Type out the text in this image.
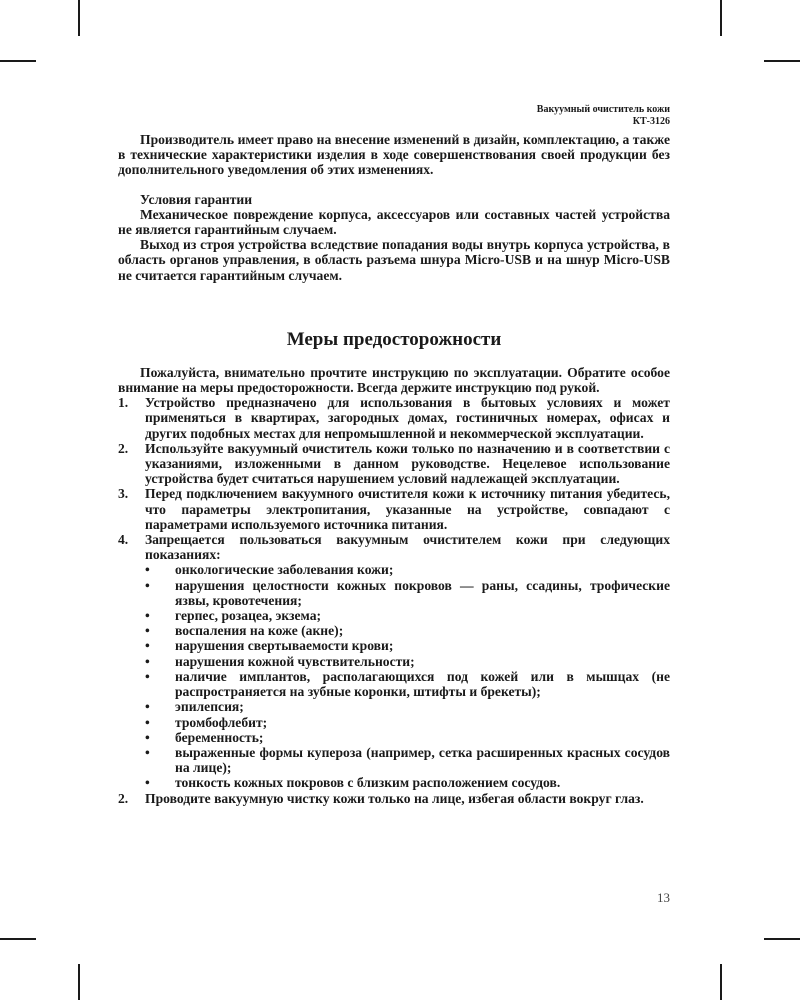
Вакуумный очиститель кожи
КТ-3126

Производитель имеет право на внесение изменений в дизайн, комплектацию, а также в технические характеристики изделия в ходе совершенствования своей продукции без дополнительного уведомления об этих изменениях.

Условия гарантии

Механическое повреждение корпуса, аксессуаров или составных частей устройства не является гарантийным случаем.

Выход из строя устройства вследствие попадания воды внутрь корпуса устройства, в область органов управления, в область разъема шнура Micro-USB и на шнур Micro-USB не считается гарантийным случаем.

Меры предосторожности

Пожалуйста, внимательно прочтите инструкцию по эксплуатации. Обратите особое внимание на меры предосторожности. Всегда держите инструкцию под рукой.

1. Устройство предназначено для использования в бытовых условиях и может применяться в квартирах, загородных домах, гостиничных номерах, офисах и других подобных местах для непромышленной и некоммерческой эксплуатации.
2. Используйте вакуумный очиститель кожи только по назначению и в соответствии с указаниями, изложенными в данном руководстве. Нецелевое использование устройства будет считаться нарушением условий надлежащей эксплуатации.
3. Перед подключением вакуумного очистителя кожи к источнику питания убедитесь, что параметры электропитания, указанные на устройстве, совпадают с параметрами используемого источника питания.
4. Запрещается пользоваться вакуумным очистителем кожи при следующих показаниях:
• онкологические заболевания кожи;
• нарушения целостности кожных покровов — раны, ссадины, трофические язвы, кровотечения;
• герпес, розацеа, экзема;
• воспаления на коже (акне);
• нарушения свертываемости крови;
• нарушения кожной чувствительности;
• наличие имплантов, располагающихся под кожей или в мышцах (не распространяется на зубные коронки, штифты и брекеты);
• эпилепсия;
• тромбофлебит;
• беременность;
• выраженные формы купероза (например, сетка расширенных красных сосудов на лице);
• тонкость кожных покровов с близким расположением сосудов.
2. Проводите вакуумную чистку кожи только на лице, избегая области вокруг глаз.
13
